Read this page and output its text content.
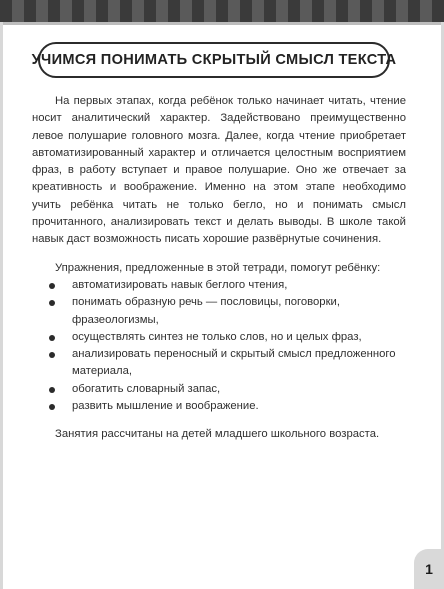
УЧИМСЯ ПОНИМАТЬ СКРЫТЫЙ СМЫСЛ ТЕКСТА

На первых этапах, когда ребёнок только начинает читать, чтение носит аналитический характер. Задействовано преимущественно левое полушарие головного мозга. Далее, когда чтение приобретает автоматизированный характер и отличается целостным восприятием фраз, в работу вступает и правое полушарие. Оно же отвечает за креативность и воображение. Именно на этом этапе необходимо учить ребёнка читать не только бегло, но и понимать смысл прочитанного, анализировать текст и делать выводы. В школе такой навык даст возможность писать хорошие развёрнутые сочинения.

Упражнения, предложенные в этой тетради, помогут ребёнку:

автоматизировать навык беглого чтения,
понимать образную речь — пословицы, поговорки, фразеологизмы,
осуществлять синтез не только слов, но и целых фраз,
анализировать переносный и скрытый смысл предложенного материала,
обогатить словарный запас,
развить мышление и воображение.

Занятия рассчитаны на детей младшего школьного возраста.

1
